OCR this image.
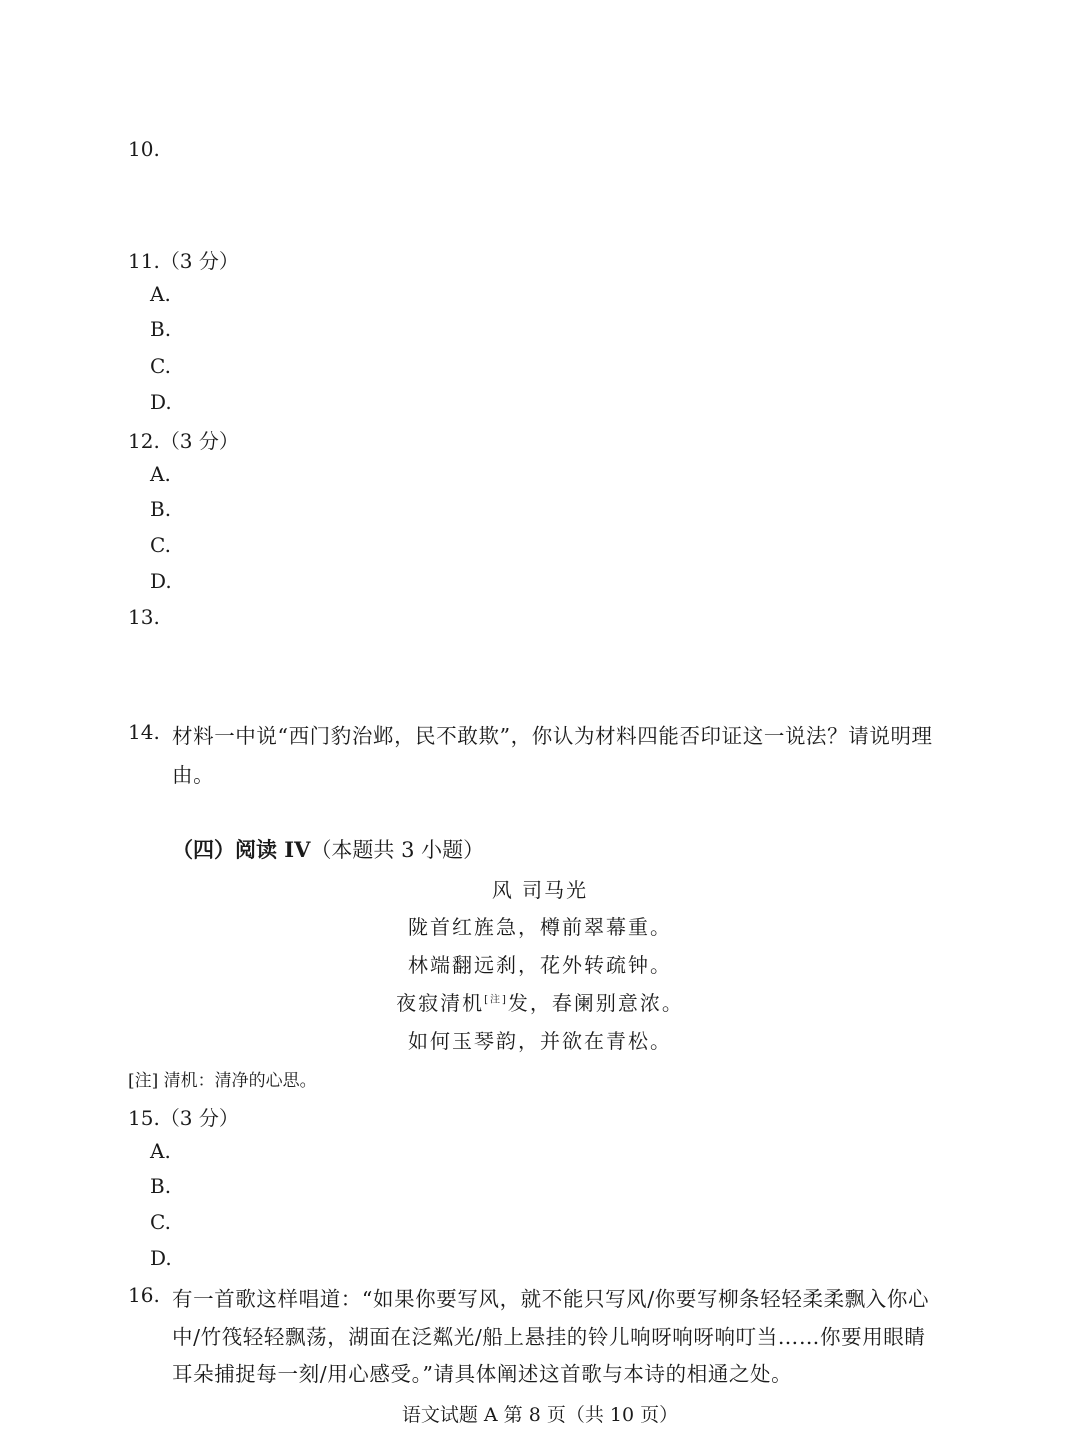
10.
11.（3 分）
A.
B.
C.
D.
12.（3 分）
A.
B.
C.
D.
13.
14. 材料一中说“西门豹治邺，民不敢欺”，你认为材料四能否印证这一说法？请说明理
由。
（四）阅读 IV（本题共 3 小题）
风 司马光
陇首红旌急，樽前翠幕重。
林端翻远刹，花外转疏钟。
夜寂清机[注]发，春阑别意浓。
如何玉琴韵，并欲在青松。
[注] 清机：清净的心思。
15.（3 分）
A.
B.
C.
D.
16. 有一首歌这样唱道：“如果你要写风，就不能只写风/你要写柳条轻轻柔柔飘入你心
中/竹筏轻轻飘荡，湖面在泛粼光/船上悬挂的铃儿响呀响呀响叮当……你要用眼睛
耳朵捕捉每一刻/用心感受。”请具体阐述这首歌与本诗的相通之处。
语文试题 A 第 8 页（共 10 页）
